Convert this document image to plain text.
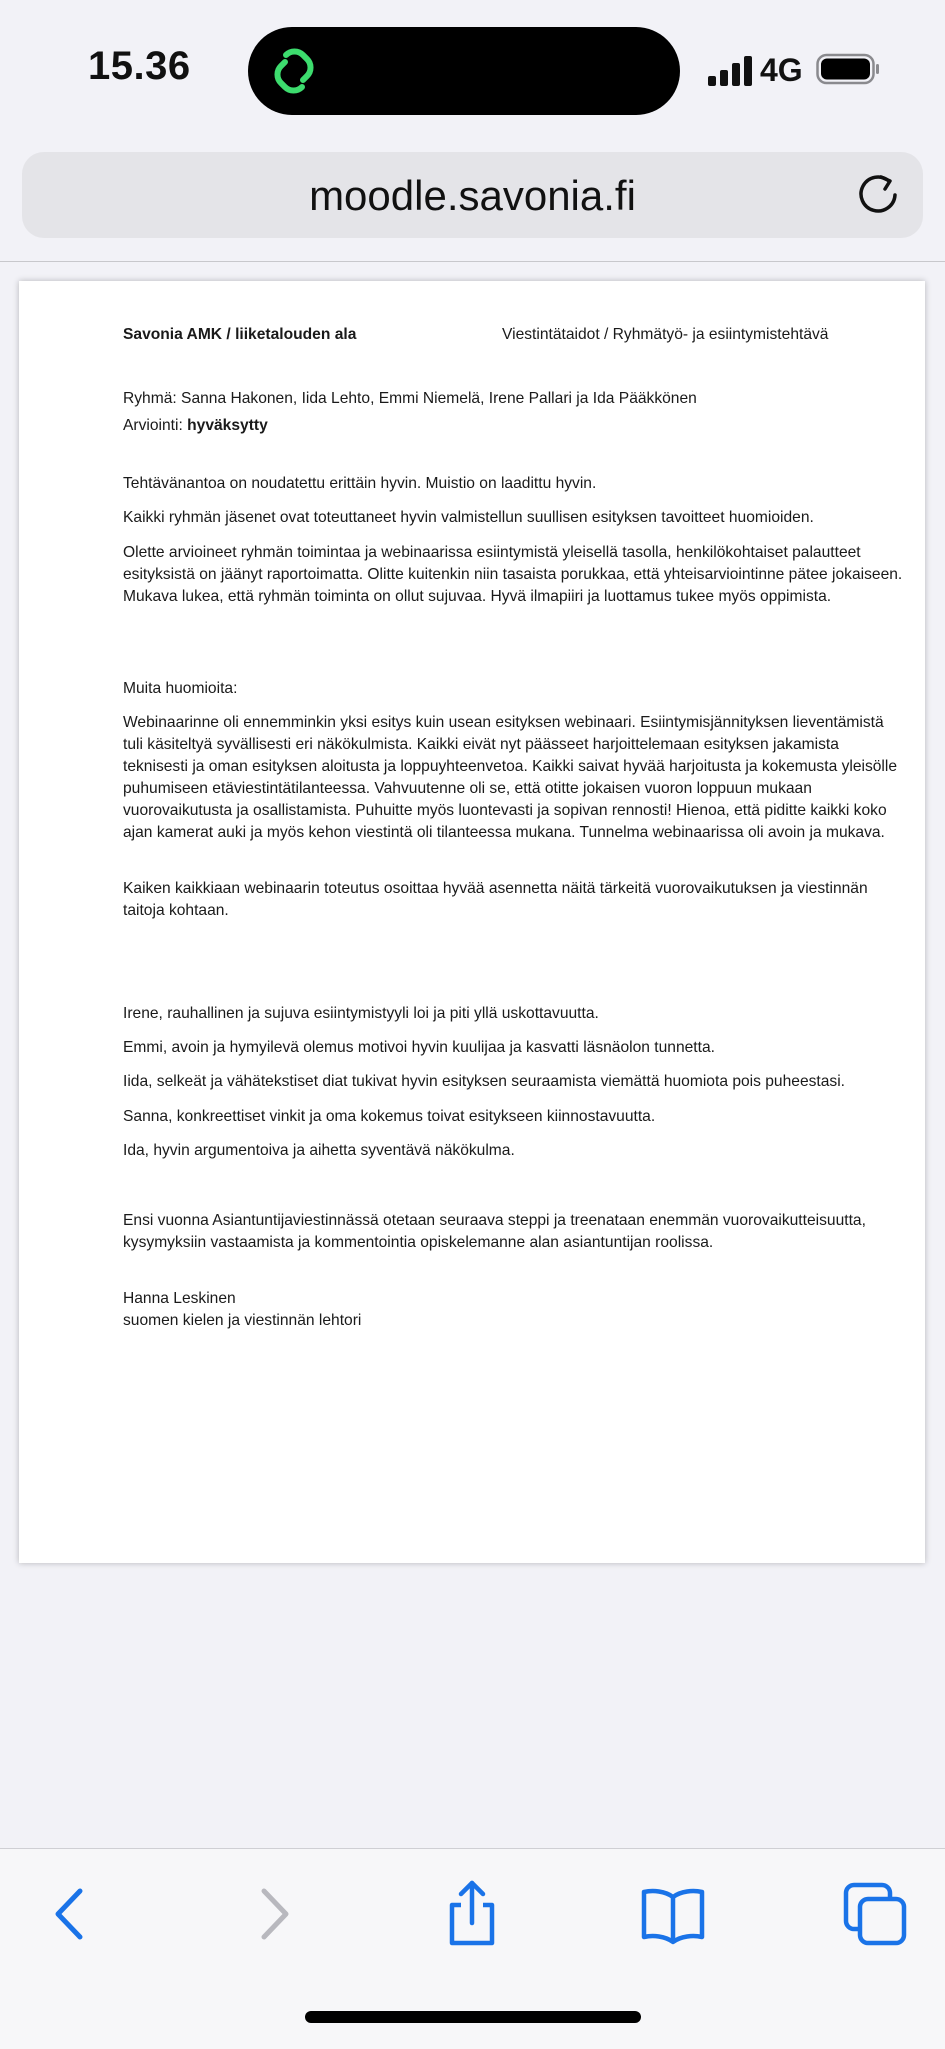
15.36	4G
moodle.savonia.fi
Savonia AMK / liiketalouden ala	Viestintätaidot / Ryhmätyö- ja esiintymistehtävä
Ryhmä: Sanna Hakonen, Iida Lehto, Emmi Niemelä, Irene Pallari ja Ida Pääkkönen
Arviointi: hyväksytty
Tehtävänantoa on noudatettu erittäin hyvin. Muistio on laadittu hyvin.
Kaikki ryhmän jäsenet ovat toteuttaneet hyvin valmistellun suullisen esityksen tavoitteet huomioiden.
Olette arvioineet ryhmän toimintaa ja webinaarissa esiintymistä yleisellä tasolla, henkilökohtaiset palautteet esityksistä on jäänyt raportoimatta. Olitte kuitenkin niin tasaista porukkaa, että yhteisarviointinne pätee jokaiseen. Mukava lukea, että ryhmän toiminta on ollut sujuvaa. Hyvä ilmapiiri ja luottamus tukee myös oppimista.
Muita huomioita:
Webinaarinne oli ennemminkin yksi esitys kuin usean esityksen webinaari. Esiintymisjännityksen lieventämistä tuli käsiteltyä syvällisesti eri näkökulmista. Kaikki eivät nyt päässeet harjoittelemaan esityksen jakamista teknisesti ja oman esityksen aloitusta ja loppuyhteenvetoa. Kaikki saivat hyvää harjoitusta ja kokemusta yleisölle puhumiseen etäviestintätilanteessa. Vahvuutenne oli se, että otitte jokaisen vuoron loppuun mukaan vuorovaikutusta ja osallistamista. Puhuitte myös luontevasti ja sopivan rennosti! Hienoa, että piditte kaikki koko ajan kamerat auki ja myös kehon viestintä oli tilanteessa mukana. Tunnelma webinaarissa oli avoin ja mukava.
Kaiken kaikkiaan webinaarin toteutus osoittaa hyvää asennetta näitä tärkeitä vuorovaikutuksen ja viestinnän taitoja kohtaan.
Irene, rauhallinen ja sujuva esiintymistyyli loi ja piti yllä uskottavuutta.
Emmi, avoin ja hymyilevä olemus motivoi hyvin kuulijaa ja kasvatti läsnäolon tunnetta.
Iida, selkeät ja vähätekstiset diat tukivat hyvin esityksen seuraamista viemättä huomiota pois puheestasi.
Sanna, konkreettiset vinkit ja oma kokemus toivat esitykseen kiinnostavuutta.
Ida, hyvin argumentoiva ja aihetta syventävä näkökulma.
Ensi vuonna Asiantuntijaviestinnässä otetaan seuraava steppi ja treenataan enemmän vuorovaikutteisuutta, kysymyksiin vastaamista ja kommentointia opiskelemanne alan asiantuntijan roolissa.
Hanna Leskinen
suomen kielen ja viestinnän lehtori
